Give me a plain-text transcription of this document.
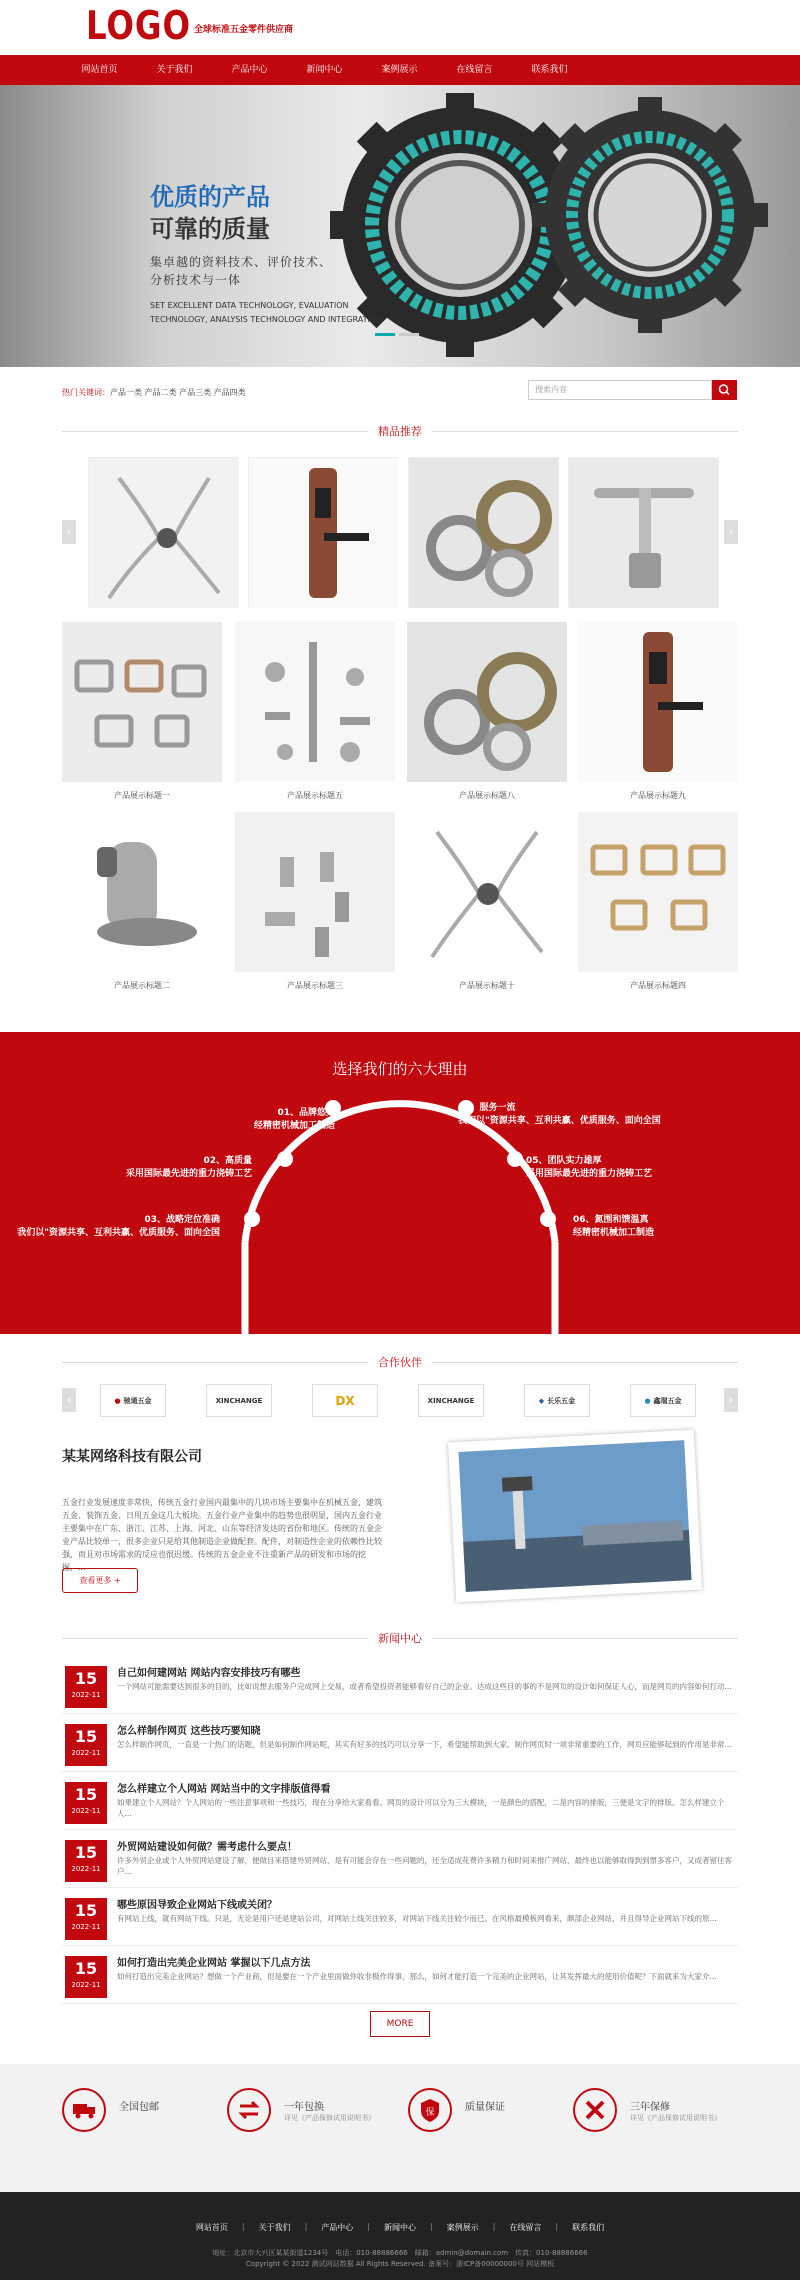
LOGO 全球标准五金零件供应商
网站首页	关于我们	产品中心	新闻中心	案例展示	在线留言	联系我们
优质的产品
可靠的质量
集卓越的资料技术、评价技术、
分析技术与一体
SET EXCELLENT DATA TECHNOLOGY, EVALUATION
TECHNOLOGY, ANALYSIS TECHNOLOGY AND INTEGRATION
热门关键词：产品一类 产品二类 产品三类 产品四类	搜索内容
精品推荐
‹	›
产品展示标题一	产品展示标题五	产品展示标题八	产品展示标题九
产品展示标题二	产品展示标题三	产品展示标题十	产品展示标题四
选择我们的六大理由
01、品牌悠久
经精密机械加工制造
02、高质量
采用国际最先进的重力浇铸工艺
03、战略定位准确
我们以"资源共享、互利共赢、优质服务、面向全国
04、服务一流
我们以"资源共享、互利共赢、优质服务、面向全国
05、团队实力雄厚
采用国际最先进的重力浇铸工艺
06、氮围和馈温真
经精密机械加工制造
合作伙伴
‹	● 驰通五金	XINCHANGE	DX	XINCHANGE	◆ 长乐五金	● 鑫瑞五金	›
某某网络科技有限公司

五金行业发展速度非常快，传统五金行业国内最集中的几块市场主要集中在机械五金，建筑五金、装饰五金、日用五金这几大板块。五金行业产业集中的趋势也很明显，国内五金行业主要集中在广东、浙江、江苏、上海、河北、山东等经济发达的省份和地区。传统的五金企业产品比较单一，很多企业只是给其他制造企业做配套。配件，对制造性企业的依赖性比较强，而且对市场需求的反应也很迟缓。传统的五金企业不注重新产品的研发和市场的挖掘，...

查看更多 +
新闻中心
15
2022-11
自己如何建网站 网站内容安排技巧有哪些
一个网站可能需要达到很多的目的，比如说想去服务户完成网上交易，或者希望投资者能够看好自己的企业。达成这些目的事的不是网页的设计如何保证人心，而是网页的内容如何打动...
15
2022-11
怎么样制作网页 这些技巧要知晓
怎么样制作网页，一直是一个热门的话题，但是如何制作网站呢，其实有好多的技巧可以分享一下，希望能帮助到大家。制作网页时一项非常重要的工作，网页应能够起到的作用是非常...
15
2022-11
怎么样建立个人网站 网站当中的文字排版值得看
如果建立个人网站？个人网站的一些注意事项和一些技巧，现在分享给大家看看。网页的设计可以分为三大模块，一是颜色的搭配，二是内容的排版，三便是文字的排版。怎么样建立个人...
15
2022-11
外贸网站建设如何做？需考虑什么要点！
许多外贸企业或个人外贸网站建设了解，便做目来搭建外贸网站，是有可能会存在一些问题的，还全适成花费许多精力和时间来推广网站，最终也以能够取得到到票多客户，又成者留住客户...
15
2022-11
哪些原因导致企业网站下线或关闭？
有网站上线，就有网站下线。只是，无论是用户还是建站公司，对网站上线关注较多，对网站下线关注较少而已。在风格最模板网看来，颇部企业网站，并且得导企业网站下线的原...
15
2022-11
如何打造出完美企业网站 掌握以下几点方法
如何打造出完美企业网站？想做一个产业商，但是要在一个产业里面做你收非极作得事，那么，如何才能打造一个完美的企业网站，让其发挥最大的使用价值呢？下面就来为大家介...
MORE
全国包邮	一年包换
详见《产品保修试用说明书》	保	质量保证	三年保修
详见《产品保修试用说明书》
网站首页 | 关于我们 | 产品中心 | 新闻中心 | 案例展示 | 在线留言 | 联系我们
地址：北京市大兴区某某街道1234号　电话：010-88886666　邮箱：admin@domain.com　传真：010-88886666
Copyright © 2022 测试网站数据 All Rights Reserved. 备案号：浙ICP备00000000号 网站模板
